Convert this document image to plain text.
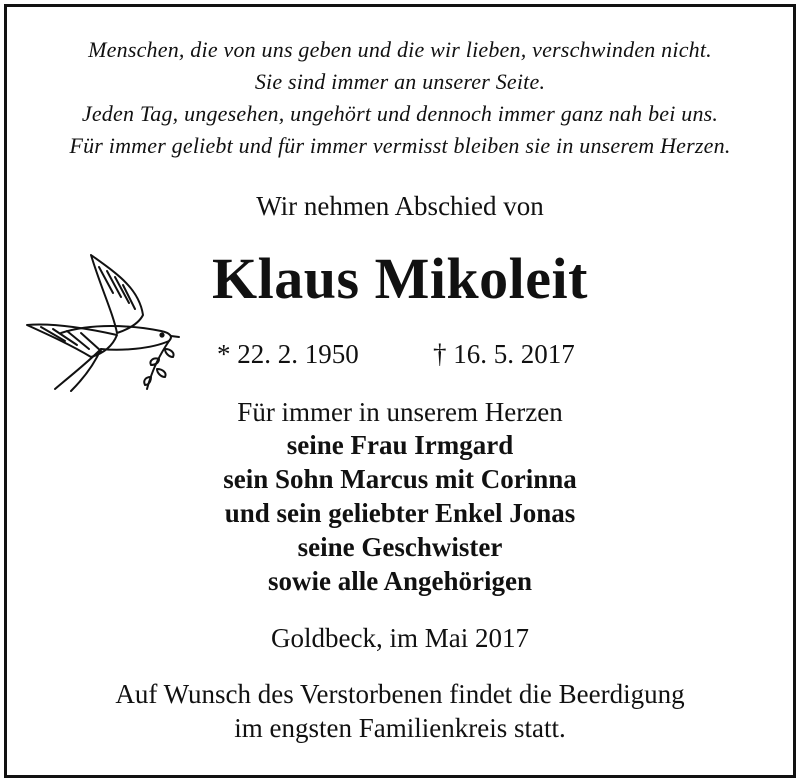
Menschen, die von uns geben und die wir lieben, verschwinden nicht.
Sie sind immer an unserer Seite.
Jeden Tag, ungesehen, ungehört und dennoch immer ganz nah bei uns.
Für immer geliebt und für immer vermisst bleiben sie in unserem Herzen.
Wir nehmen Abschied von
Klaus Mikoleit
* 22. 2. 1950	† 16. 5. 2017
Für immer in unserem Herzen
seine Frau Irmgard
sein Sohn Marcus mit Corinna
und sein geliebter Enkel Jonas
seine Geschwister
sowie alle Angehörigen
Goldbeck, im Mai 2017
Auf Wunsch des Verstorbenen findet die Beerdigung
im engsten Familienkreis statt.
